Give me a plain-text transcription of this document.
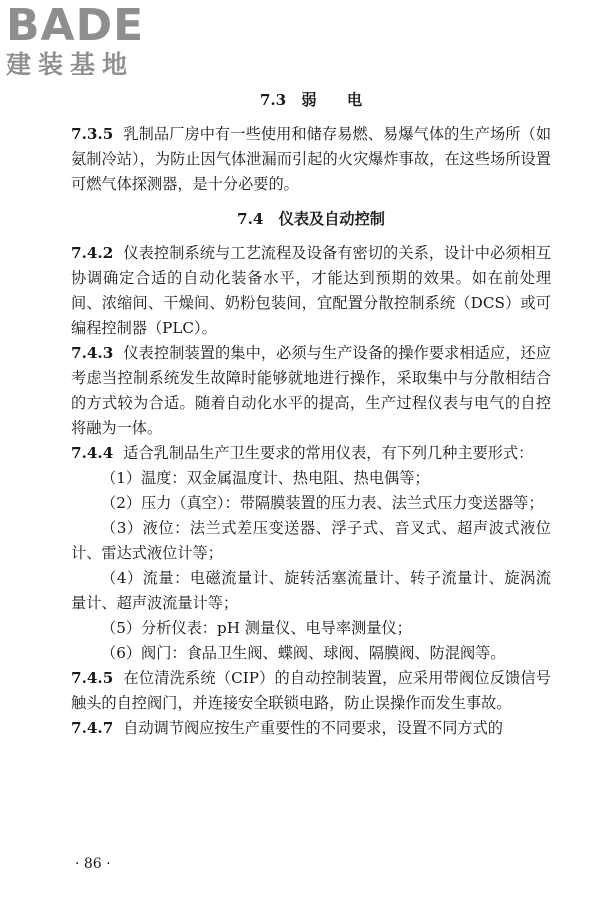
BADE
建装基地
7.3　弱　　电

7.3.5 乳制品厂房中有一些使用和储存易燃、易爆气体的生产场所（如氨制冷站），为防止因气体泄漏而引起的火灾爆炸事故，在这些场所设置可燃气体探测器，是十分必要的。

7.4　仪表及自动控制

7.4.2 仪表控制系统与工艺流程及设备有密切的关系，设计中必须相互协调确定合适的自动化装备水平，才能达到预期的效果。如在前处理间、浓缩间、干燥间、奶粉包装间，宜配置分散控制系统（DCS）或可编程控制器（PLC）。

7.4.3 仪表控制装置的集中，必须与生产设备的操作要求相适应，还应考虑当控制系统发生故障时能够就地进行操作，采取集中与分散相结合的方式较为合适。随着自动化水平的提高，生产过程仪表与电气的自控将融为一体。

7.4.4 适合乳制品生产卫生要求的常用仪表，有下列几种主要形式：

（1）温度：双金属温度计、热电阻、热电偶等；

（2）压力（真空）：带隔膜装置的压力表、法兰式压力变送器等；

（3）液位：法兰式差压变送器、浮子式、音叉式、超声波式液位计、雷达式液位计等；

（4）流量：电磁流量计、旋转活塞流量计、转子流量计、旋涡流量计、超声波流量计等；

（5）分析仪表：pH 测量仪、电导率测量仪；

（6）阀门：食品卫生阀、蝶阀、球阀、隔膜阀、防混阀等。

7.4.5 在位清洗系统（CIP）的自动控制装置，应采用带阀位反馈信号触头的自控阀门，并连接安全联锁电路，防止误操作而发生事故。

7.4.7 自动调节阀应按生产重要性的不同要求，设置不同方式的

· 86 ·
